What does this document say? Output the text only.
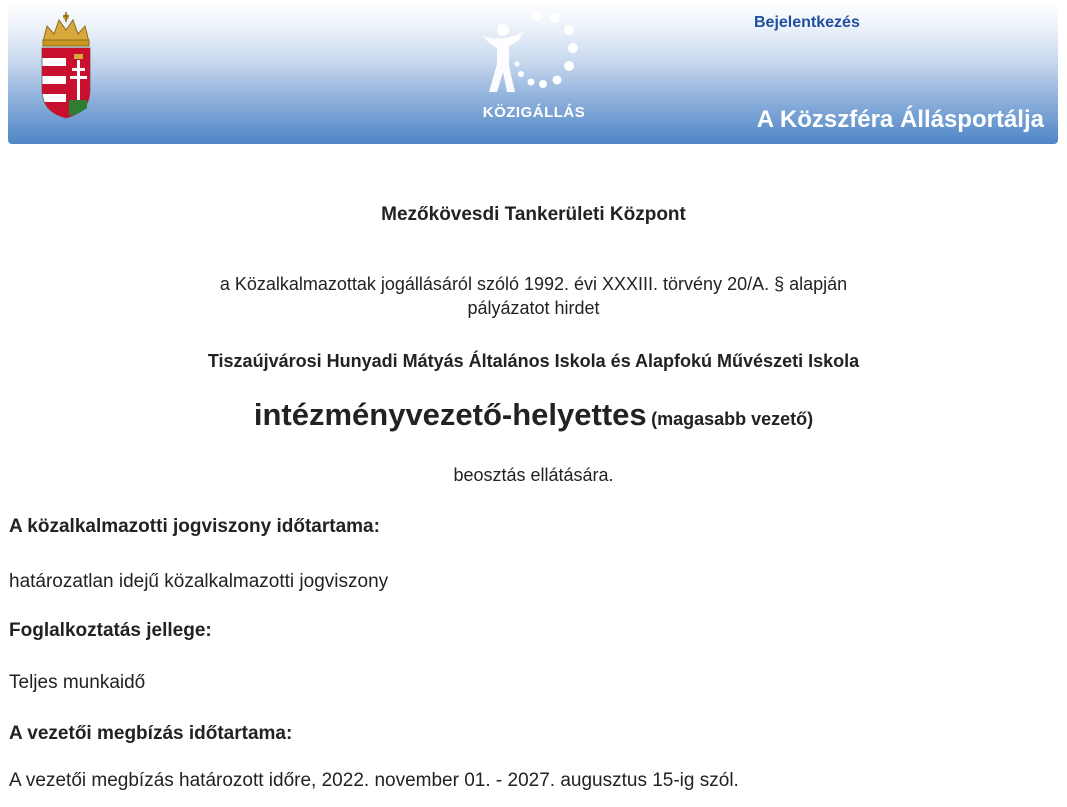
KÖZIGÁLLÁS
Bejelentkezés
A Közszféra Állásportálja
Mezőkövesdi Tankerületi Központ
a Közalkalmazottak jogállásáról szóló 1992. évi XXXIII. törvény 20/A. § alapján
pályázatot hirdet
Tiszaújvárosi Hunyadi Mátyás Általános Iskola és Alapfokú Művészeti Iskola
intézményvezető-helyettes (magasabb vezető)
beosztás ellátására.
A közalkalmazotti jogviszony időtartama:
határozatlan idejű közalkalmazotti jogviszony
Foglalkoztatás jellege:
Teljes munkaidő
A vezetői megbízás időtartama:
A vezetői megbízás határozott időre, 2022. november 01. - 2027. augusztus 15-ig szól.
